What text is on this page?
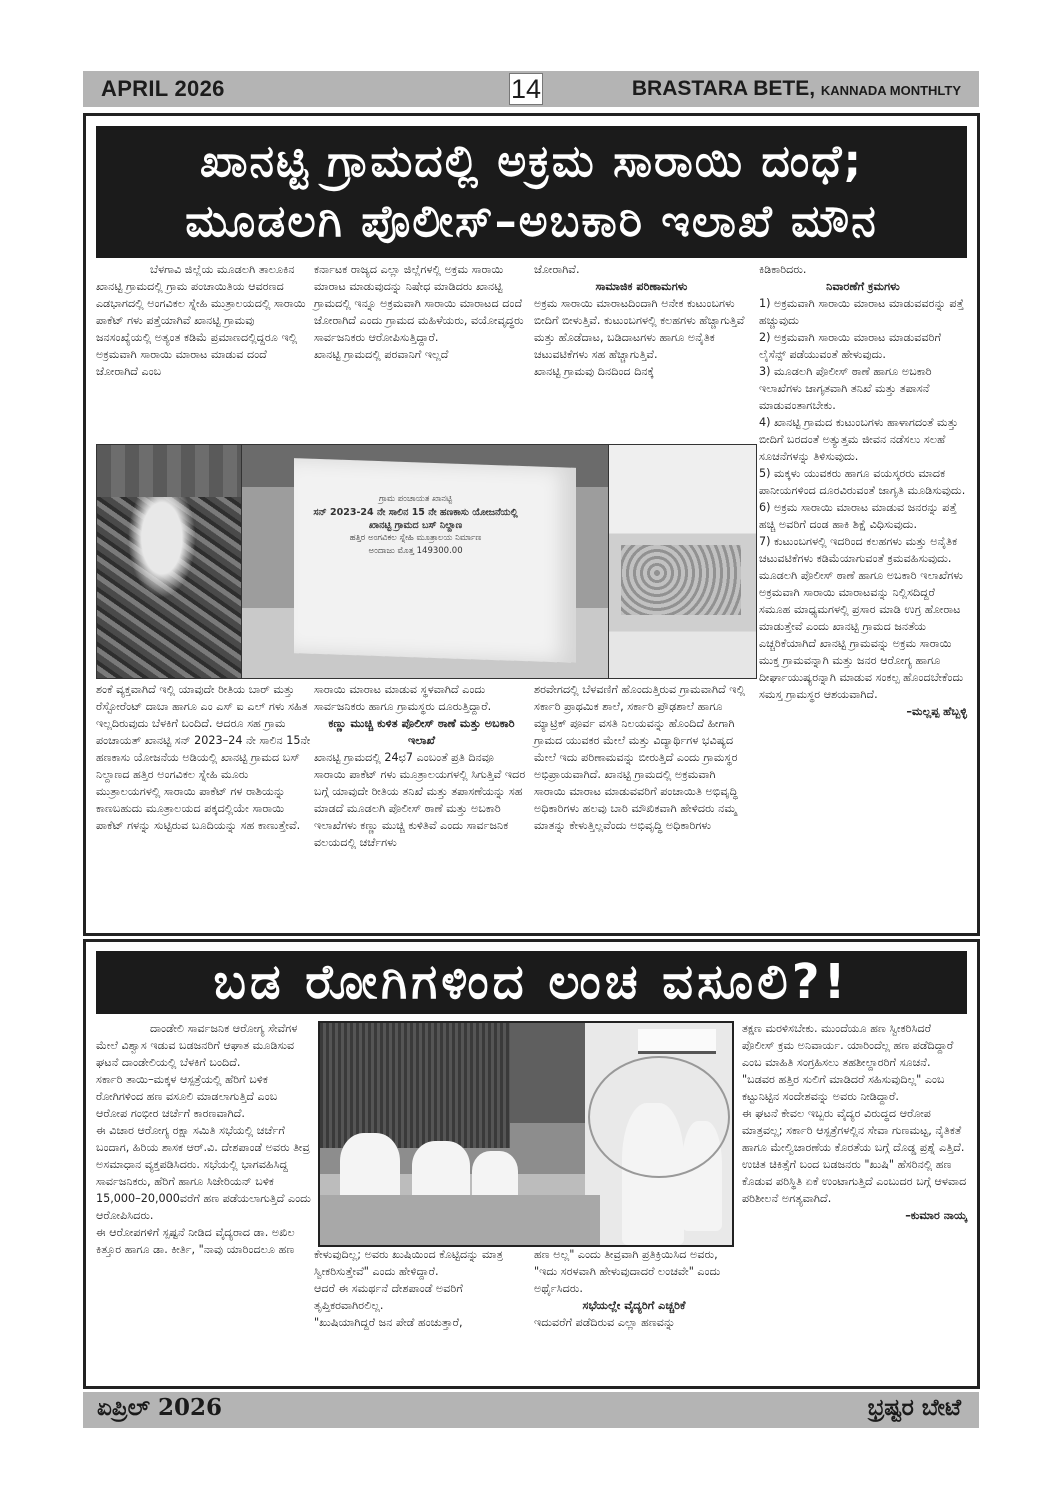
APRIL 2026	14	BRASTARA BETE, KANNADA MONTHLTY
ಖಾನಟ್ಟಿ ಗ್ರಾಮದಲ್ಲಿ ಅಕ್ರಮ ಸಾರಾಯಿ ದಂಧೆ;
ಮೂಡಲಗಿ ಪೊಲೀಸ್–ಅಬಕಾರಿ ಇಲಾಖೆ ಮೌನ

ಬೆಳಗಾವಿ ಜಿಲ್ಲೆಯ ಮೂಡಲಗಿ ತಾಲೂಕಿನ ಖಾನಟ್ಟಿ ಗ್ರಾಮದಲ್ಲಿ ಗ್ರಾಮ ಪಂಚಾಯಿತಿಯ ಆವರಣದ ಎಡಭಾಗದಲ್ಲಿ ಅಂಗವಿಕಲ ಸ್ನೇಹಿ ಮುತ್ರಾಲಯದಲ್ಲಿ ಸಾರಾಯಿ ಪಾಕೆಟ್ ಗಳು ಪತ್ತೆಯಾಗಿವೆ ಖಾನಟ್ಟಿ ಗ್ರಾಮವು ಜನಸಂಖ್ಯೆಯಲ್ಲಿ ಅತ್ಯಂತ ಕಡಿಮೆ ಪ್ರಮಾಣದಲ್ಲಿದ್ದರೂ ಇಲ್ಲಿ ಅಕ್ರಮವಾಗಿ ಸಾರಾಯಿ ಮಾರಾಟ ಮಾಡುವ ದಂದೆ ಜೋರಾಗಿದೆ ಎಂಬ

ಕರ್ನಾಟಕ ರಾಜ್ಯದ ಎಲ್ಲಾ ಜಿಲ್ಲೆಗಳಲ್ಲಿ ಅಕ್ರಮ ಸಾರಾಯಿ ಮಾರಾಟ ಮಾಡುವುದನ್ನು ನಿಷೇಧ ಮಾಡಿದರು ಖಾನಟ್ಟಿ ಗ್ರಾಮದಲ್ಲಿ ಇನ್ನೂ ಅಕ್ರಮವಾಗಿ ಸಾರಾಯಿ ಮಾರಾಟದ ದಂದೆ ಜೋರಾಗಿದೆ ಎಂದು ಗ್ರಾಮದ ಮಹಿಳೆಯರು, ವಯೋವೃದ್ಧರು ಸಾರ್ವಜನಿಕರು ಆರೋಪಿಸುತ್ತಿದ್ದಾರೆ.

ಖಾನಟ್ಟಿ ಗ್ರಾಮದಲ್ಲಿ ಪರವಾನಿಗೆ ಇಲ್ಲದೆ

ಜೋರಾಗಿವೆ.

ಸಾಮಾಜಿಕ ಪರಿಣಾಮಗಳು

ಅಕ್ರಮ ಸಾರಾಯಿ ಮಾರಾಟದಿಂದಾಗಿ ಅನೇಕ ಕುಟುಂಬಗಳು ಬೀದಿಗೆ ಬೀಳುತ್ತಿವೆ. ಕುಟುಂಬಗಳಲ್ಲಿ ಕಲಹಗಳು ಹೆಚ್ಚಾಗುತ್ತಿವೆ ಮತ್ತು ಹೊಡೆದಾಟ, ಬಡಿದಾಟಗಳು ಹಾಗೂ ಅನೈತಿಕ ಚಟುವಟಿಕೆಗಳು ಸಹ ಹೆಚ್ಚಾಗುತ್ತಿವೆ.

ಖಾನಟ್ಟಿ ಗ್ರಾಮವು ದಿನದಿಂದ ದಿನಕ್ಕೆ

ಕಿಡಿಕಾರಿದರು.

ನಿವಾರಣೆಗೆ ಕ್ರಮಗಳು

1) ಅಕ್ರಮವಾಗಿ ಸಾರಾಯಿ ಮಾರಾಟ ಮಾಡುವವರನ್ನು ಪತ್ತೆ ಹಚ್ಚುವುದು

2) ಅಕ್ರಮವಾಗಿ ಸಾರಾಯಿ ಮಾರಾಟ ಮಾಡುವವರಿಗೆ ಲೈಸೆನ್ಸ್ ಪಡೆಯುವಂತೆ ಹೇಳುವುದು.

3) ಮೂಡಲಗಿ ಪೊಲೀಸ್ ಠಾಣೆ ಹಾಗೂ ಅಬಕಾರಿ ಇಲಾಖೆಗಳು ಜಾಗೃತವಾಗಿ ತನಿಖೆ ಮತ್ತು ತಪಾಸನೆ ಮಾಡುವಂತಾಗಬೇಕು.

4) ಖಾನಟ್ಟಿ ಗ್ರಾಮದ ಕುಟುಂಬಗಳು ಹಾಳಾಗದಂತೆ ಮತ್ತು ಬೀದಿಗೆ ಬರದಂತೆ ಅತ್ಯುತ್ತಮ ಜೀವನ ನಡೆಸಲು ಸಲಹೆ ಸೂಚನೆಗಳನ್ನು ತಿಳಿಸುವುದು.

5) ಮಕ್ಕಳು ಯುವಕರು ಹಾಗೂ ವಯಸ್ಕರರು ಮಾದಕ ಪಾನೀಯಗಳಿಂದ ದೂರವಿರುವಂತೆ ಜಾಗೃತಿ ಮೂಡಿಸುವುದು.

6) ಅಕ್ರಮ ಸಾರಾಯಿ ಮಾರಾಟ ಮಾಡುವ ಜನರನ್ನು ಪತ್ತೆ ಹಚ್ಚಿ ಅವರಿಗೆ ದಂಡ ಹಾಕಿ ಶಿಕ್ಷೆ ವಿಧಿಸುವುದು.

7) ಕುಟುಂಬಗಳಲ್ಲಿ ಇದರಿಂದ ಕಲಹಗಳು ಮತ್ತು ಅನೈತಿಕ ಚಟುವಟಿಕೆಗಳು ಕಡಿಮೆಯಾಗುವಂತೆ ಕ್ರಮವಹಿಸುವುದು.

ಮೂಡಲಗಿ ಪೊಲೀಸ್ ಠಾಣೆ ಹಾಗೂ ಅಬಕಾರಿ ಇಲಾಖೆಗಳು ಅಕ್ರಮವಾಗಿ ಸಾರಾಯಿ ಮಾರಾಟವನ್ನು ನಿಲ್ಲಿಸದಿದ್ದರೆ ಸಮೂಹ ಮಾಧ್ಯಮಗಳಲ್ಲಿ ಪ್ರಸಾರ ಮಾಡಿ ಉಗ್ರ ಹೋರಾಟ ಮಾಡುತ್ತೇವೆ ಎಂದು ಖಾನಟ್ಟಿ ಗ್ರಾಮದ ಜನತೆಯ ಎಚ್ಚರಿಕೆಯಾಗಿದೆ ಖಾನಟ್ಟಿ ಗ್ರಾಮವನ್ನು ಅಕ್ರಮ ಸಾರಾಯಿ ಮುಕ್ತ ಗ್ರಾಮವನ್ನಾಗಿ ಮತ್ತು ಜನರ ಆರೋಗ್ಯ ಹಾಗೂ ದೀರ್ಘಾಯುಷ್ಯರನ್ನಾಗಿ ಮಾಡುವ ಸಂಕಲ್ಪ ಹೊಂದಬೇಕೆಂದು ಸಮಸ್ತ ಗ್ರಾಮಸ್ಥರ ಆಶಯವಾಗಿದೆ.

–ಮಲ್ಲಪ್ಪ ಹೆಬ್ಬಳ್ಳಿ

ಗ್ರಾಮ ಪಂಚಾಯತ ಖಾನಟ್ಟಿ
ಸನ್ 2023-24 ನೇ ಸಾಲಿನ 15 ನೇ ಹಣಕಾಸು ಯೋಜನೆಯಲ್ಲಿ ಖಾನಟ್ಟಿ ಗ್ರಾಮದ ಬಸ್ ನಿಲ್ದಾಣ
ಹತ್ತಿರ ಅಂಗವಿಕಲ ಸ್ನೇಹಿ ಮೂತ್ರಾಲಯ ನಿರ್ಮಾಣ
ಅಂದಾಜು ಮೊತ್ತ 149300.00

ಶಂಕೆ ವ್ಯಕ್ತವಾಗಿದೆ ಇಲ್ಲಿ ಯಾವುದೇ ರೀತಿಯ ಬಾರ್ ಮತ್ತು ರೆಸ್ಟೋರೆಂಟ್ ದಾಬಾ ಹಾಗೂ ಎಂ ಎಸ್ ಐ ಎಲ್ ಗಳು ಸಹಿತ ಇಲ್ಲದಿರುವುದು ಬೆಳಕಿಗೆ ಬಂದಿದೆ. ಆದರೂ ಸಹ ಗ್ರಾಮ ಪಂಚಾಯತ್ ಖಾನಟ್ಟಿ ಸನ್ 2023–24 ನೇ ಸಾಲಿನ 15ನೇ ಹಣಕಾಸು ಯೋಜನೆಯ ಅಡಿಯಲ್ಲಿ ಖಾನಟ್ಟಿ ಗ್ರಾಮದ ಬಸ್ ನಿಲ್ದಾಣದ ಹತ್ತಿರ ಅಂಗವಿಕಲ ಸ್ನೇಹಿ ಮೂರು ಮುತ್ರಾಲಯಗಳಲ್ಲಿ ಸಾರಾಯಿ ಪಾಕೆಟ್ ಗಳ ರಾಶಿಯನ್ನು ಕಾಣಬಹುದು ಮೂತ್ರಾಲಯದ ಪಕ್ಕದಲ್ಲಿಯೇ ಸಾರಾಯಿ ಪಾಕೆಟ್ ಗಳನ್ನು ಸುಟ್ಟಿರುವ ಬೂದಿಯನ್ನು ಸಹ ಕಾಣುತ್ತೇವೆ.

ಸಾರಾಯಿ ಮಾರಾಟ ಮಾಡುವ ಸ್ಥಳವಾಗಿದೆ ಎಂದು ಸಾರ್ವಜನಿಕರು ಹಾಗೂ ಗ್ರಾಮಸ್ಥರು ದೂರುತ್ತಿದ್ದಾರೆ.

ಕಣ್ಣು ಮುಚ್ಚಿ ಕುಳಿತ ಪೊಲೀಸ್ ಠಾಣೆ ಮತ್ತು ಅಬಕಾರಿ ಇಲಾಖೆ

ಖಾನಟ್ಟಿ ಗ್ರಾಮದಲ್ಲಿ 24ಛ7 ಎಂಬಂತೆ ಪ್ರತಿ ದಿನವೂ ಸಾರಾಯಿ ಪಾಕೆಟ್ ಗಳು ಮೂತ್ರಾಲಯಗಳಲ್ಲಿ ಸಿಗುತ್ತಿವೆ ಇದರ ಬಗ್ಗೆ ಯಾವುದೇ ರೀತಿಯ ತನಿಖೆ ಮತ್ತು ತಪಾಸಣೆಯನ್ನು ಸಹ ಮಾಡದೆ ಮೂಡಲಗಿ ಪೊಲೀಸ್ ಠಾಣೆ ಮತ್ತು ಅಬಕಾರಿ ಇಲಾಖೆಗಳು ಕಣ್ಣು ಮುಚ್ಚಿ ಕುಳಿತಿವೆ ಎಂದು ಸಾರ್ವಜನಿಕ ವಲಯದಲ್ಲಿ ಚರ್ಚೆಗಳು

ಶರವೇಗದಲ್ಲಿ ಬೆಳವಣಿಗೆ ಹೊಂದುತ್ತಿರುವ ಗ್ರಾಮವಾಗಿದೆ ಇಲ್ಲಿ ಸರ್ಕಾರಿ ಪ್ರಾಥಮಿಕ ಶಾಲೆ, ಸರ್ಕಾರಿ ಪ್ರೌಢಶಾಲೆ ಹಾಗೂ ಮ್ಯಾಟ್ರಿಕ್ ಪೂರ್ವ ವಸತಿ ನಿಲಯವನ್ನು ಹೊಂದಿದೆ ಹೀಗಾಗಿ ಗ್ರಾಮದ ಯುವಕರ ಮೇಲೆ ಮತ್ತು ವಿದ್ಯಾರ್ಥಿಗಳ ಭವಿಷ್ಯದ ಮೇಲೆ ಇದು ಪರಿಣಾಮವನ್ನು ಬೀರುತ್ತಿದೆ ಎಂದು ಗ್ರಾಮಸ್ಥರ ಅಭಿಪ್ರಾಯವಾಗಿದೆ. ಖಾನಟ್ಟಿ ಗ್ರಾಮದಲ್ಲಿ ಅಕ್ರಮವಾಗಿ ಸಾರಾಯಿ ಮಾರಾಟ ಮಾಡುವವರಿಗೆ ಪಂಚಾಯಿತಿ ಅಭಿವೃದ್ಧಿ ಅಧಿಕಾರಿಗಳು ಹಲವು ಬಾರಿ ಮೌಖಿಕವಾಗಿ ಹೇಳಿದರು ನಮ್ಮ ಮಾತನ್ನು ಕೇಳುತ್ತಿಲ್ಲವೆಂದು ಅಭಿವೃದ್ಧಿ ಅಧಿಕಾರಿಗಳು

ಬಡ ರೋಗಿಗಳಿಂದ ಲಂಚ ವಸೂಲಿ?!

ದಾಂಡೇಲಿ ಸಾರ್ವಜನಿಕ ಆರೋಗ್ಯ ಸೇವೆಗಳ ಮೇಲೆ ವಿಶ್ವಾಸ ಇಡುವ ಬಡಜನರಿಗೆ ಆಘಾತ ಮೂಡಿಸುವ ಘಟನೆ ದಾಂಡೇಲಿಯಲ್ಲಿ ಬೆಳಕಿಗೆ ಬಂದಿದೆ.

ಸರ್ಕಾರಿ ತಾಯಿ–ಮಕ್ಕಳ ಆಸ್ಪತ್ರೆಯಲ್ಲಿ ಹೆರಿಗೆ ಬಳಿಕ ರೋಗಿಗಳಿಂದ ಹಣ ವಸೂಲಿ ಮಾಡಲಾಗುತ್ತಿದೆ ಎಂಬ ಆರೋಪ ಗಂಭೀರ ಚರ್ಚೆಗೆ ಕಾರಣವಾಗಿದೆ.

ಈ ವಿಚಾರ ಆರೋಗ್ಯ ರಕ್ಷಾ ಸಮಿತಿ ಸಭೆಯಲ್ಲಿ ಚರ್ಚೆಗೆ ಬಂದಾಗ, ಹಿರಿಯ ಶಾಸಕ ಆರ್.ವಿ. ದೇಶಪಾಂಡೆ ಅವರು ತೀವ್ರ ಅಸಮಾಧಾನ ವ್ಯಕ್ತಪಡಿಸಿದರು. ಸಭೆಯಲ್ಲಿ ಭಾಗವಹಿಸಿದ್ದ ಸಾರ್ವಜನಿಕರು, ಹೆರಿಗೆ ಹಾಗೂ ಸಿಜೇರಿಯನ್ ಬಳಿಕ 15,000–20,000ವರೆಗೆ ಹಣ ಪಡೆಯಲಾಗುತ್ತಿದೆ ಎಂದು ಆರೋಪಿಸಿದರು.

ಈ ಆರೋಪಗಳಿಗೆ ಸ್ಪಷ್ಟನೆ ನೀಡಿದ ವೈದ್ಯರಾದ ಡಾ. ಅಖಿಲ ಕಿತ್ತೂರ ಹಾಗೂ ಡಾ. ಕೀರ್ತಿ, "ನಾವು ಯಾರಿಂದಲೂ ಹಣ	ಕೇಳುವುದಿಲ್ಲ; ಅವರು ಖುಷಿಯಿಂದ ಕೊಟ್ಟಿದನ್ನು ಮಾತ್ರ ಸ್ವೀಕರಿಸುತ್ತೇವೆ" ಎಂದು ಹೇಳಿದ್ದಾರೆ.

ಆದರೆ ಈ ಸಮರ್ಥನೆ ದೇಶಪಾಂಡೆ ಅವರಿಗೆ ತೃಪ್ತಿಕರವಾಗಿರಲಿಲ್ಲ.

"ಖುಷಿಯಾಗಿದ್ದರೆ ಜನ ಪೇಡೆ ಹಂಚುತ್ತಾರೆ,

ಹಣ ಅಲ್ಲ" ಎಂದು ತೀವ್ರವಾಗಿ ಪ್ರತಿಕ್ರಿಯಿಸಿದ ಅವರು, "ಇದು ಸರಳವಾಗಿ ಹೇಳುವುದಾದರೆ ಲಂಚವೇ" ಎಂದು ಅರ್ಥೈಸಿದರು.

ಸಭೆಯಲ್ಲೇ ವೈದ್ಯರಿಗೆ ಎಚ್ಚರಿಕೆ

ಇದುವರೆಗೆ ಪಡೆದಿರುವ ಎಲ್ಲಾ ಹಣವನ್ನು

ತಕ್ಷಣ ಮರಳಿಸಬೇಕು. ಮುಂದೆಯೂ ಹಣ ಸ್ವೀಕರಿಸಿದರೆ ಪೊಲೀಸ್ ಕ್ರಮ ಅನಿವಾರ್ಯ. ಯಾರಿಂದೆಲ್ಲ ಹಣ ಪಡೆದಿದ್ದಾರೆ ಎಂಬ ಮಾಹಿತಿ ಸಂಗ್ರಹಿಸಲು ತಹಶೀಲ್ದಾರರಿಗೆ ಸೂಚನೆ. "ಬಡವರ ಹತ್ತಿರ ಸುಲಿಗೆ ಮಾಡಿದರೆ ಸಹಿಸುವುದಿಲ್ಲ" ಎಂಬ ಕಟ್ಟುನಿಟ್ಟಿನ ಸಂದೇಶವನ್ನು ಅವರು ನೀಡಿದ್ದಾರೆ.

ಈ ಘಟನೆ ಕೇವಲ ಇಬ್ಬರು ವೈದ್ಯರ ವಿರುದ್ಧದ ಆರೋಪ ಮಾತ್ರವಲ್ಲ; ಸರ್ಕಾರಿ ಆಸ್ಪತ್ರೆಗಳಲ್ಲಿನ ಸೇವಾ ಗುಣಮಟ್ಟ, ನೈತಿಕತೆ ಹಾಗೂ ಮೇಲ್ವಿಚಾರಣೆಯ ಕೊರತೆಯ ಬಗ್ಗೆ ದೊಡ್ಡ ಪ್ರಶ್ನೆ ಎತ್ತಿದೆ. ಉಚಿತ ಚಿಕಿತ್ಸೆಗೆ ಬಂದ ಬಡಜನರು "ಖುಷಿ" ಹೆಸರಿನಲ್ಲಿ ಹಣ ಕೊಡುವ ಪರಿಸ್ಥಿತಿ ಏಕೆ ಉಂಟಾಗುತ್ತಿದೆ ಎಂಬುದರ ಬಗ್ಗೆ ಆಳವಾದ ಪರಿಶೀಲನೆ ಅಗತ್ಯವಾಗಿದೆ.

–ಕುಮಾರ ನಾಯ್ಕ

ಏಪ್ರಿಲ್ 2026	ಭ್ರಷ್ಟರ ಬೇಟೆ
